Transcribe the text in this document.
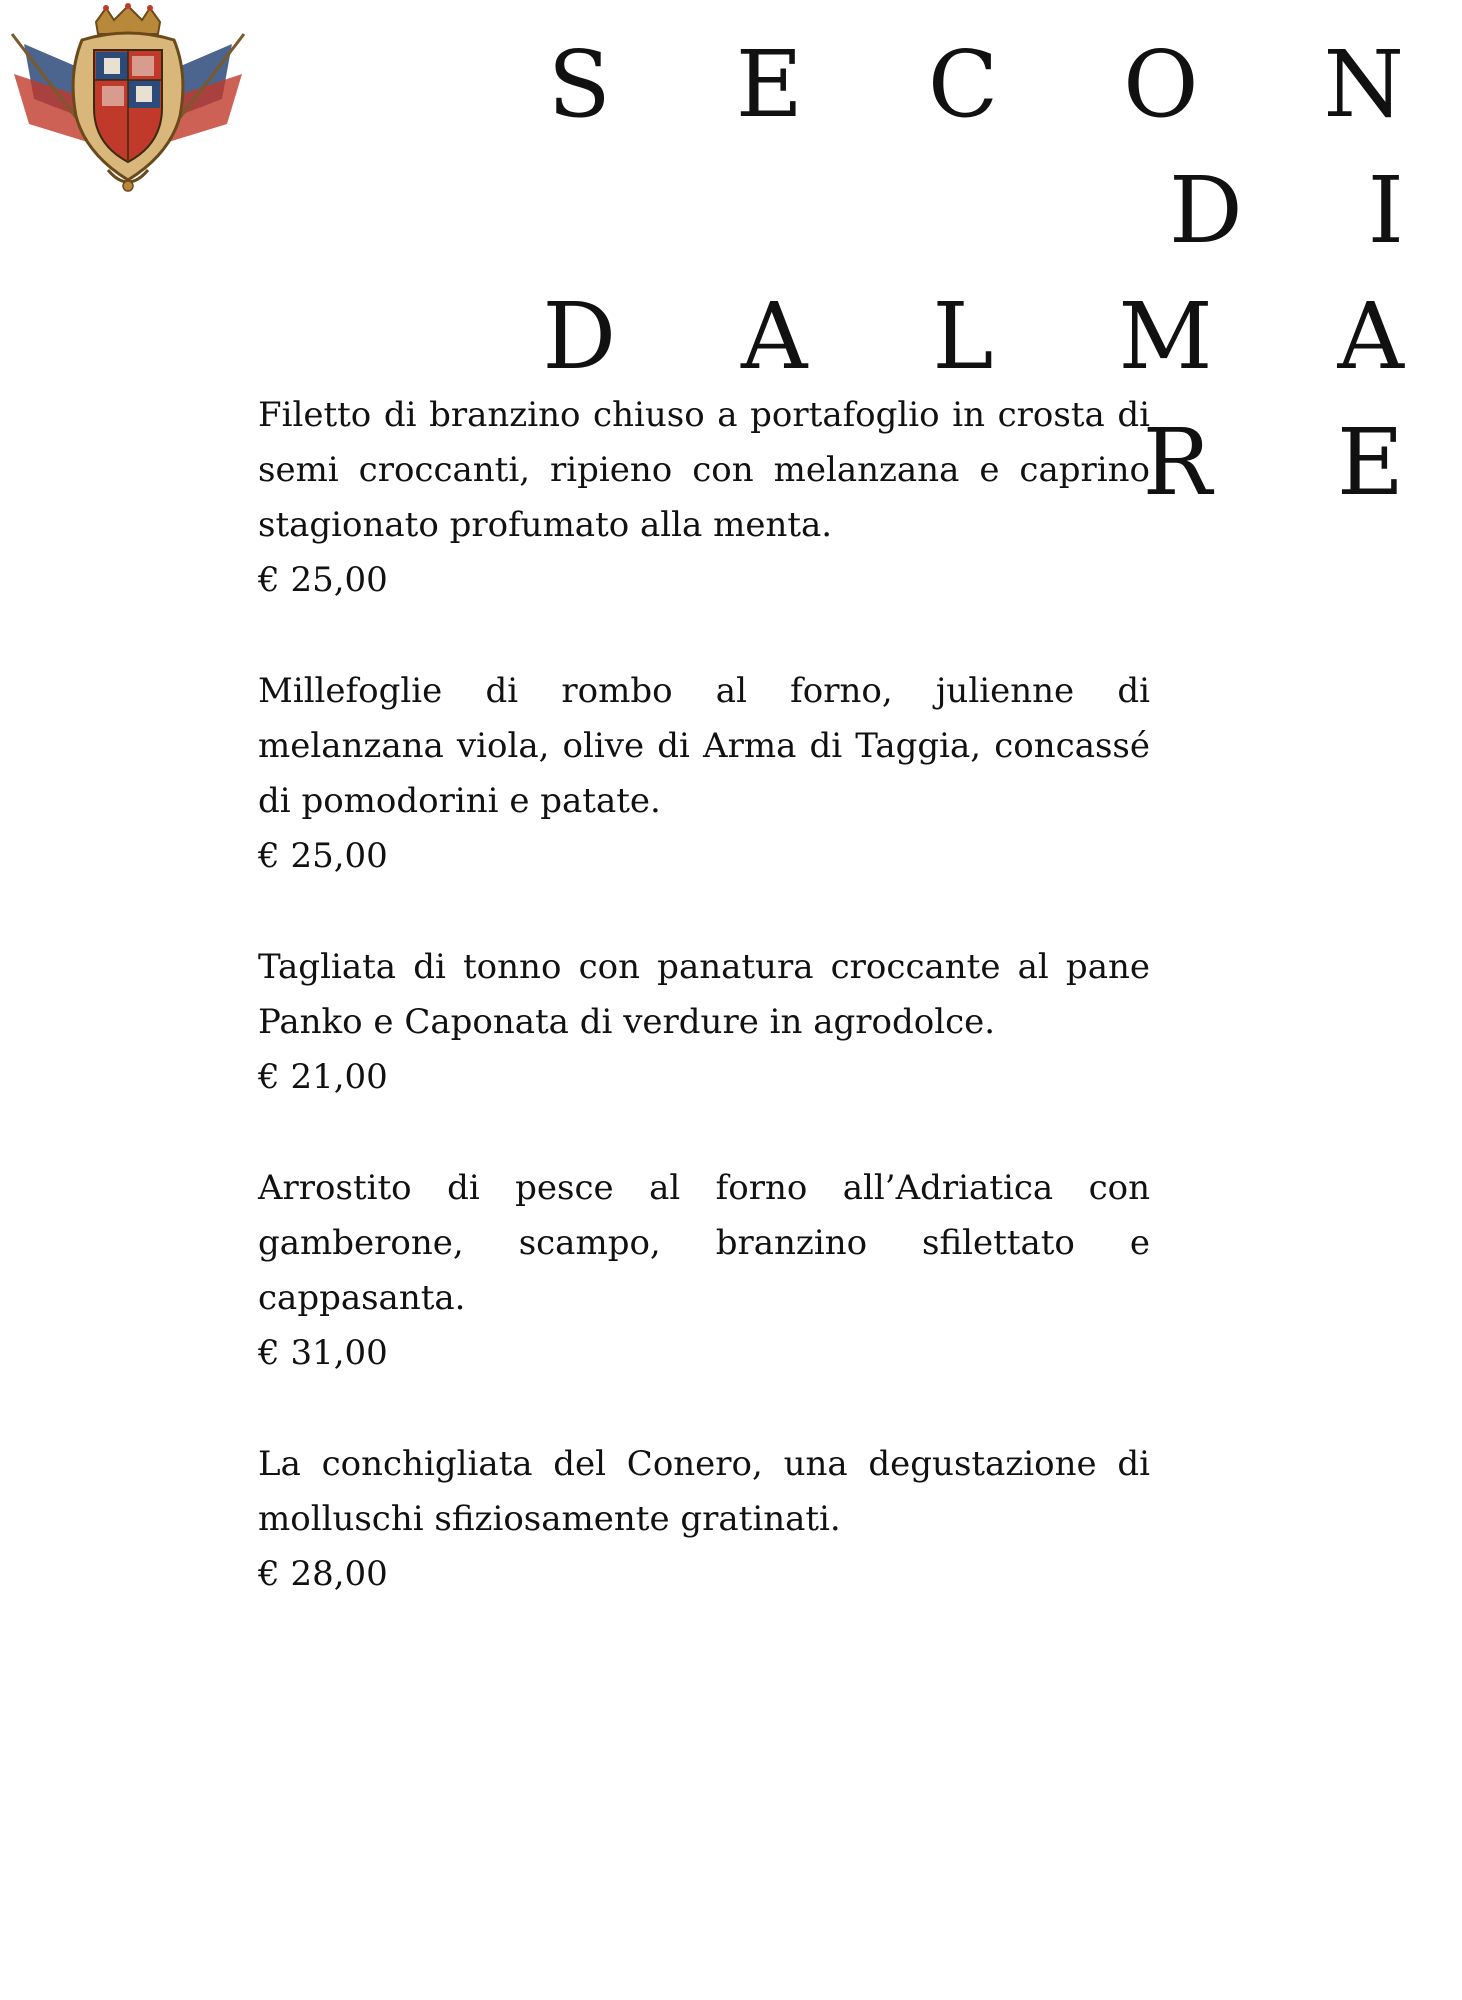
S E C O N D I
D A L M A R E

Filetto di branzino chiuso a portafoglio in crosta di semi croccanti, ripieno con melanzana e caprino stagionato profumato alla menta.

€ 25,00

Millefoglie di rombo al forno, julienne di melanzana viola, olive di Arma di Taggia, concassé di pomodorini e patate.

€ 25,00

Tagliata di tonno con panatura croccante al pane Panko e Caponata di verdure in agrodolce.

€ 21,00

Arrostito di pesce al forno all’Adriatica con gamberone, scampo, branzino sfilettato e cappasanta.

€ 31,00

La conchigliata del Conero, una degustazione di molluschi sfiziosamente gratinati.

€ 28,00
